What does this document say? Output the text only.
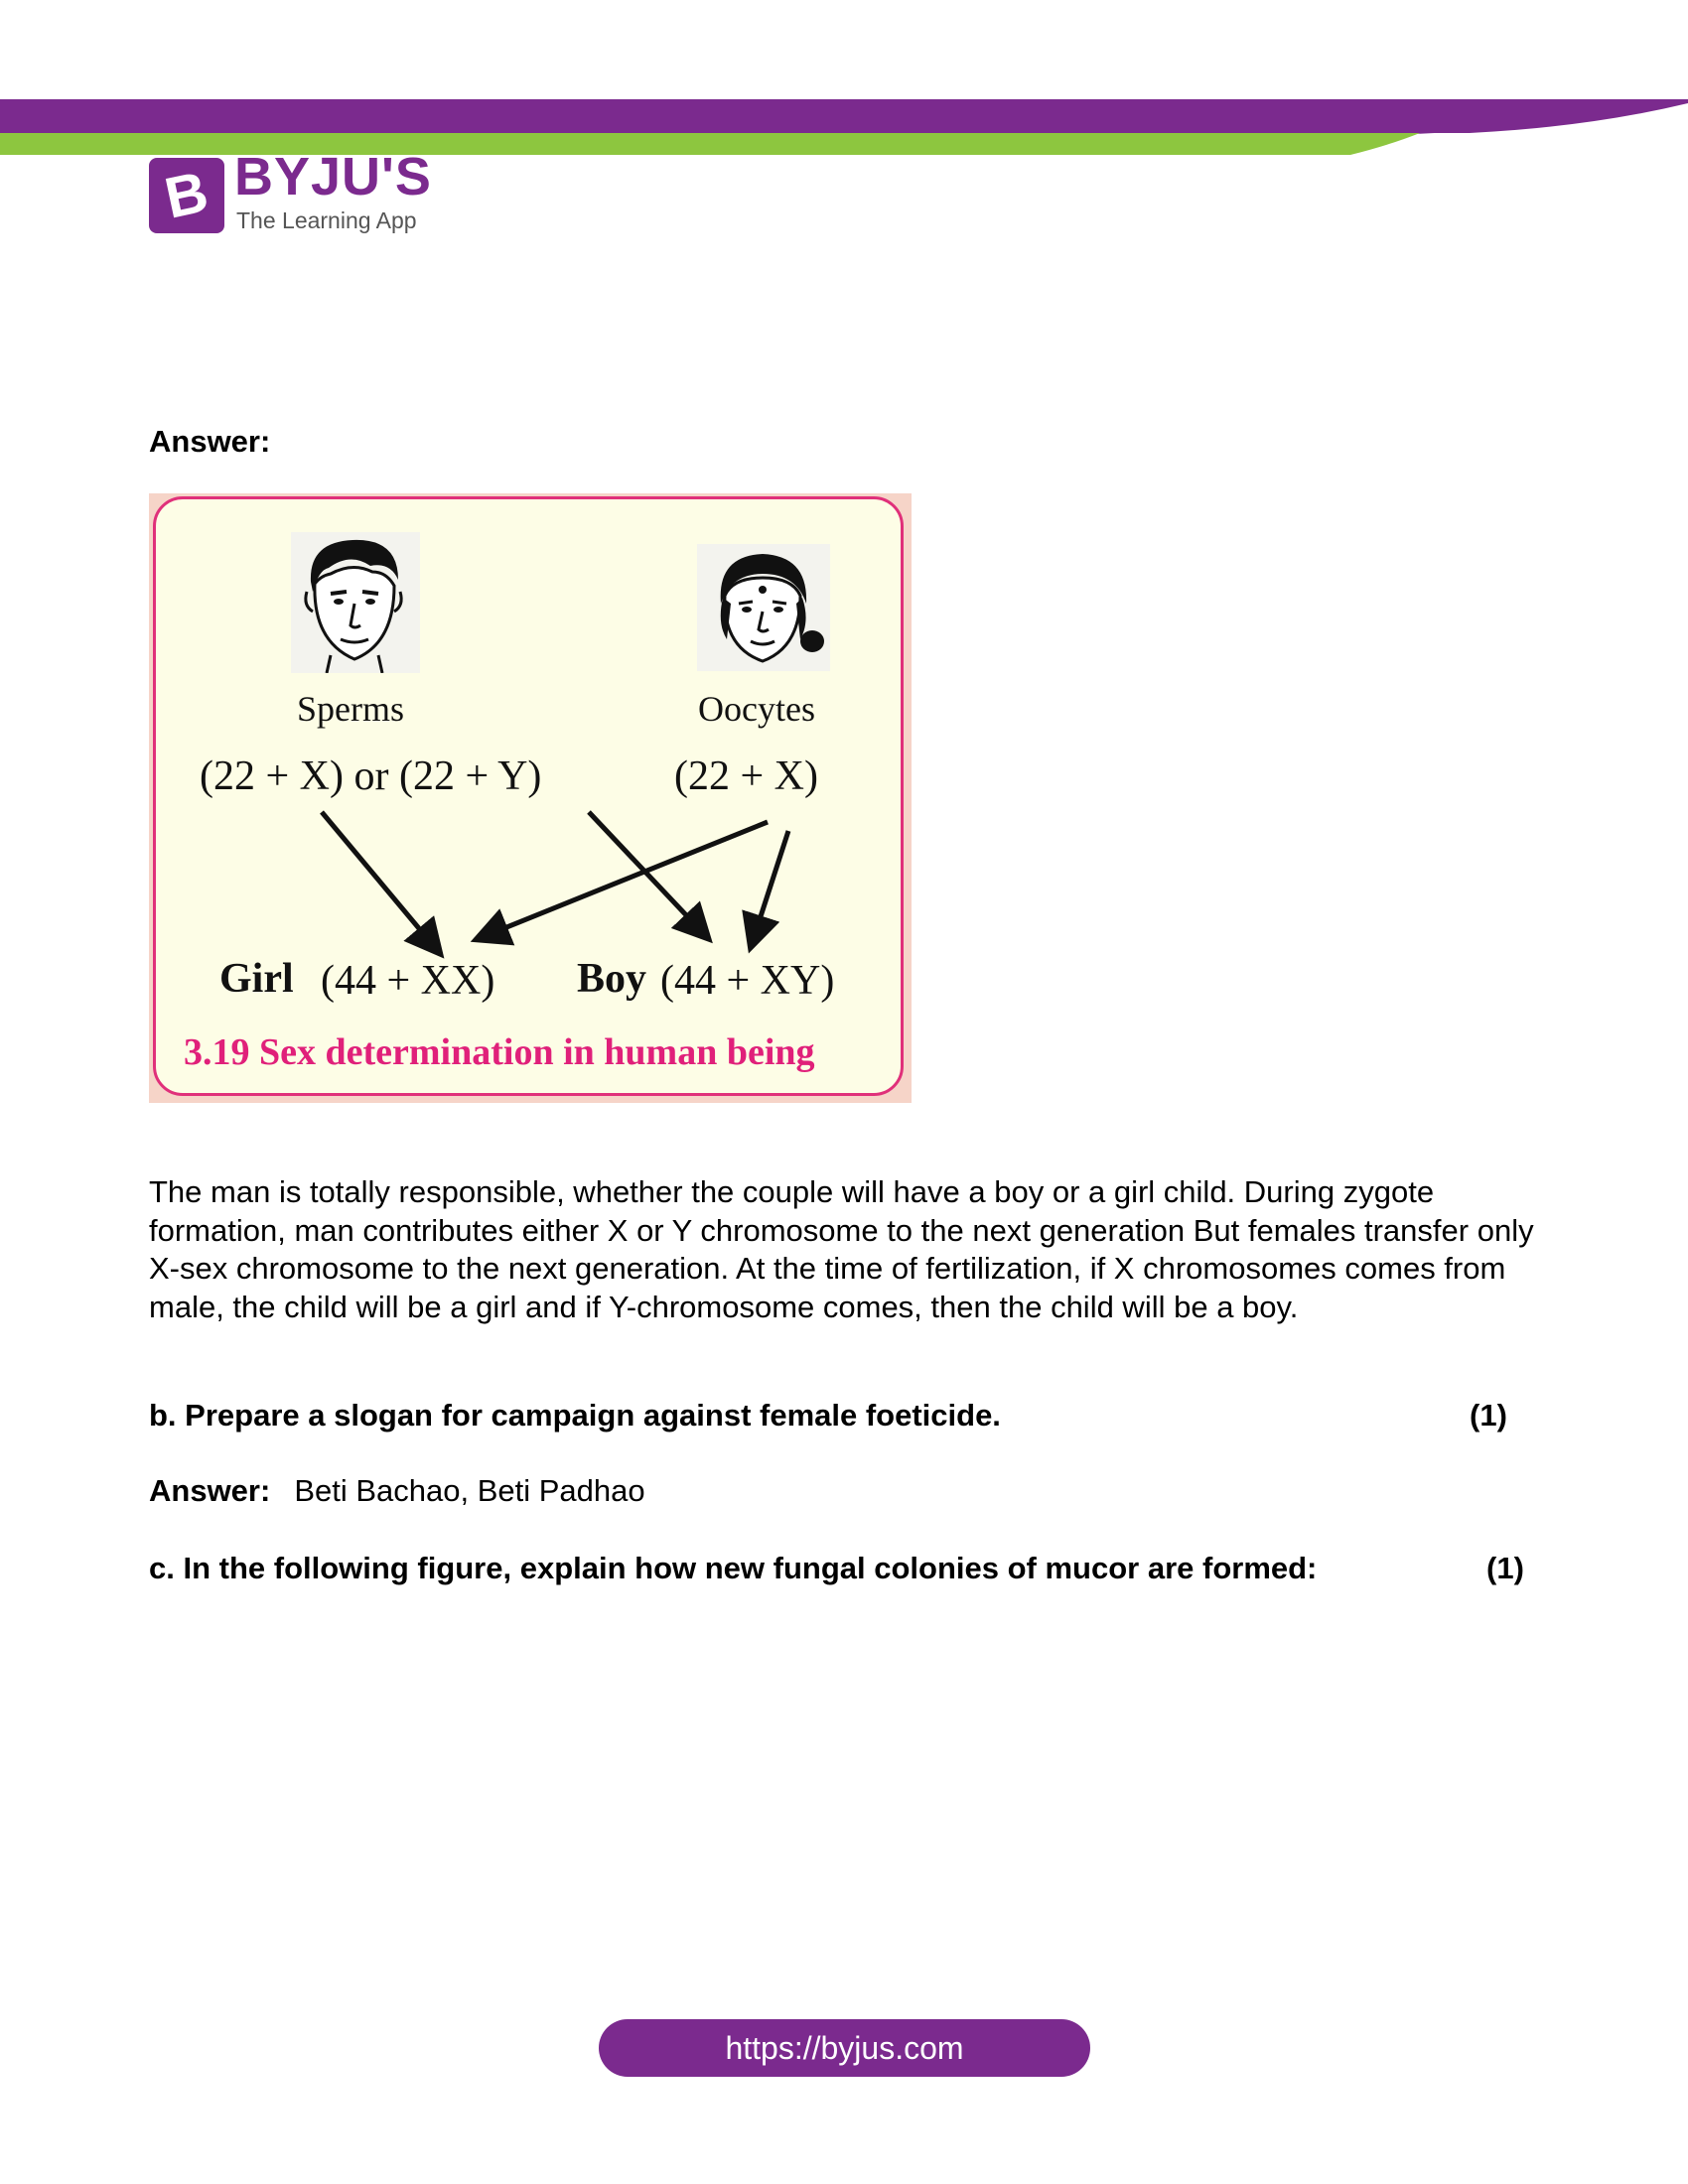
B BYJU'S
The Learning App
Answer:
Sperms
(22 + X) or (22 + Y)
Oocytes
(22 + X)
Girl (44 + XX) Boy (44 + XY)
3.19 Sex determination in human being
The man is totally responsible, whether the couple will have a boy or a girl child. During zygote formation, man contributes either X or Y chromosome to the next generation But females transfer only X-sex chromosome to the next generation. At the time of fertilization, if X chromosomes comes from male, the child will be a girl and if Y-chromosome comes, then the child will be a boy.
b. Prepare a slogan for campaign against female foeticide.	(1)
Answer: Beti Bachao, Beti Padhao
c. In the following figure, explain how new fungal colonies of mucor are formed:	(1)
https://byjus.com
